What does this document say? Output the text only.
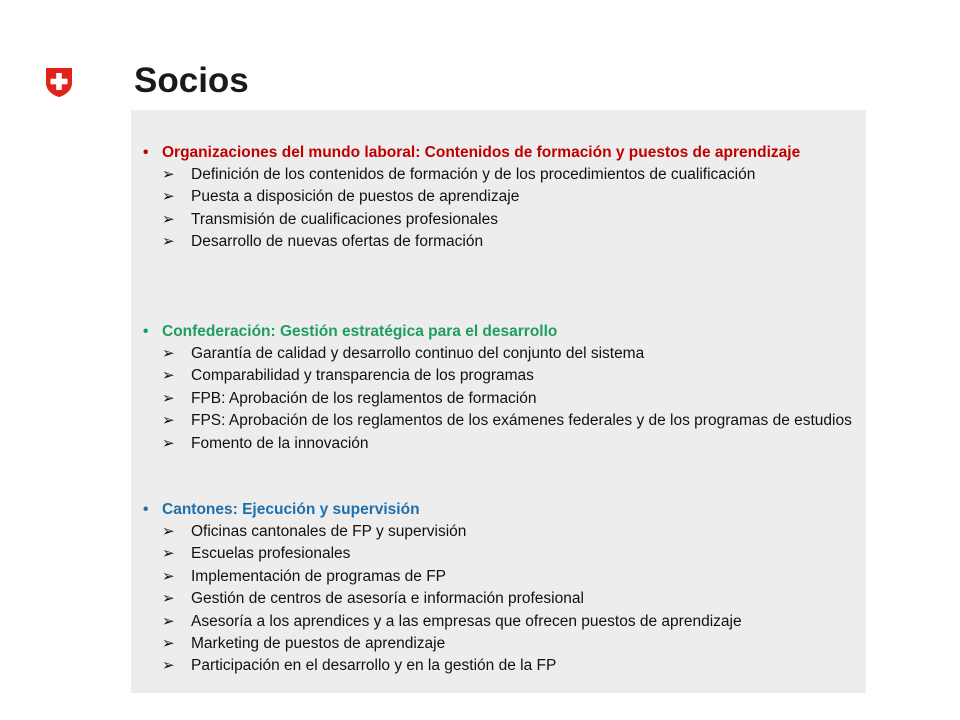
Socios
• Organizaciones del mundo laboral: Contenidos de formación y puestos de aprendizaje
➢ Definición de los contenidos de formación y de los procedimientos de cualificación
➢ Puesta a disposición de puestos de aprendizaje
➢ Transmisión de cualificaciones profesionales
➢ Desarrollo de nuevas ofertas de formación
• Confederación: Gestión estratégica para el desarrollo
➢ Garantía de calidad y desarrollo continuo del conjunto del sistema
➢ Comparabilidad y transparencia de los programas
➢ FPB: Aprobación de los reglamentos de formación
➢ FPS: Aprobación de los reglamentos de los exámenes federales y de los programas de estudios
➢ Fomento de la innovación
• Cantones: Ejecución y supervisión
➢ Oficinas cantonales de FP y supervisión
➢ Escuelas profesionales
➢ Implementación de programas de FP
➢ Gestión de centros de asesoría e información profesional
➢ Asesoría a los aprendices y a las empresas que ofrecen puestos de aprendizaje
➢ Marketing de puestos de aprendizaje
➢ Participación en el desarrollo y en la gestión de la FP
